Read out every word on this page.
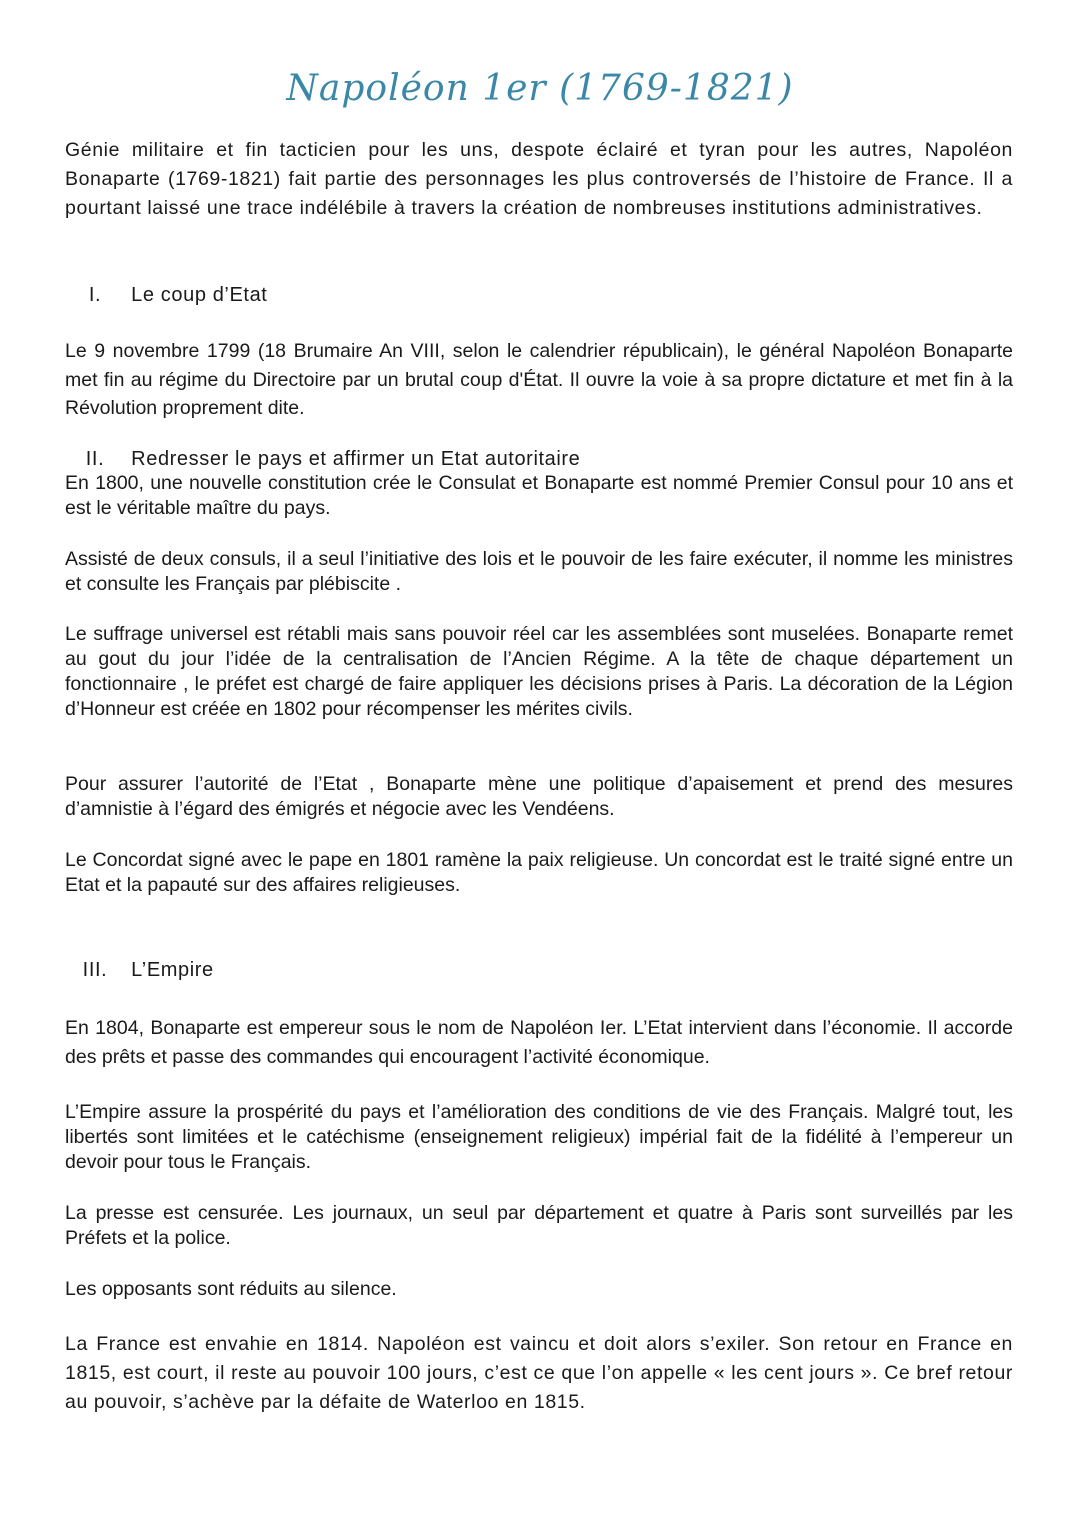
Napoléon 1er (1769-1821)

Génie militaire et fin tacticien pour les uns, despote éclairé et tyran pour les autres, Napoléon Bonaparte (1769-1821) fait partie des personnages les plus controversés de l’histoire de France. Il a pourtant laissé une trace indélébile à travers la création de nombreuses institutions administratives.

I. Le coup d’Etat

Le 9 novembre 1799 (18 Brumaire An VIII, selon le calendrier républicain), le général Napoléon Bonaparte met fin au régime du Directoire par un brutal coup d'État. Il ouvre la voie à sa propre dictature et met fin à la Révolution proprement dite.

II. Redresser le pays et affirmer un Etat autoritaire

En 1800, une nouvelle constitution crée le Consulat et Bonaparte est nommé Premier Consul pour 10 ans et est le véritable maître du pays.

Assisté de deux consuls, il a seul l’initiative des lois et le pouvoir de les faire exécuter, il nomme les ministres et consulte les Français par plébiscite .

Le suffrage universel est rétabli mais sans pouvoir réel car les assemblées sont muselées. Bonaparte remet au gout du jour l’idée de la centralisation de l’Ancien Régime. A la tête de chaque département un fonctionnaire , le préfet est chargé de faire appliquer les décisions prises à Paris. La décoration de la Légion d’Honneur est créée en 1802 pour récompenser les mérites civils.

Pour assurer l’autorité de l’Etat , Bonaparte mène une politique d’apaisement et prend des mesures d’amnistie à l’égard des émigrés et négocie avec les Vendéens.

Le Concordat signé avec le pape en 1801 ramène la paix religieuse. Un concordat est le traité signé entre un Etat et la papauté sur des affaires religieuses.

III. L’Empire

En 1804, Bonaparte est empereur sous le nom de Napoléon Ier. L’Etat intervient dans l’économie. Il accorde des prêts et passe des commandes qui encouragent l’activité économique.

L’Empire assure la prospérité du pays et l’amélioration des conditions de vie des Français. Malgré tout, les libertés sont limitées et le catéchisme (enseignement religieux) impérial fait de la fidélité à l’empereur un devoir pour tous le Français.

La presse est censurée. Les journaux, un seul par département et quatre à Paris sont surveillés par les Préfets et la police.

Les opposants sont réduits au silence.

La France est envahie en 1814. Napoléon est vaincu et doit alors s’exiler. Son retour en France en 1815, est court, il reste au pouvoir 100 jours, c’est ce que l’on appelle « les cent jours ». Ce bref retour au pouvoir, s’achève par la défaite de Waterloo en 1815.
